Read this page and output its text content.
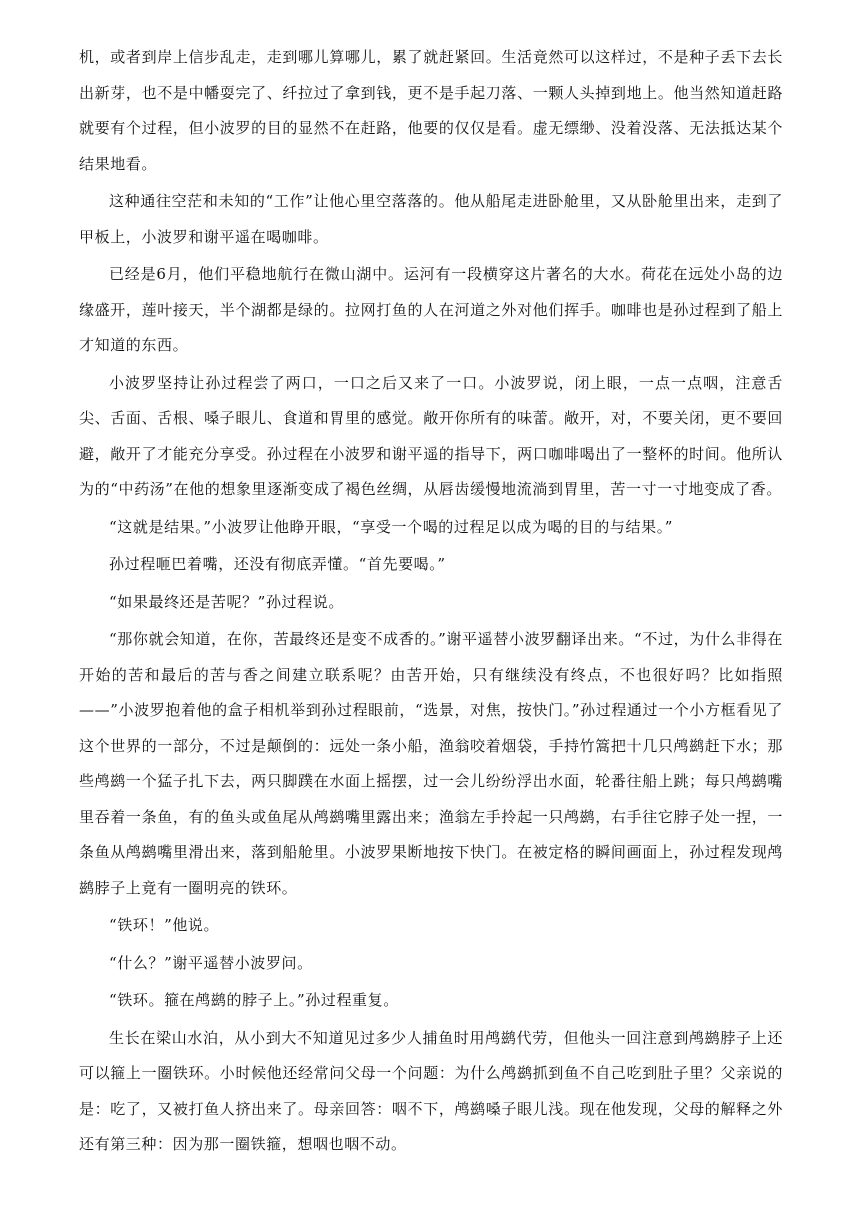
机，或者到岸上信步乱走，走到哪儿算哪儿，累了就赶紧回。生活竟然可以这样过，不是种子丢下去长出新芽，也不是中幡耍完了、纤拉过了拿到钱，更不是手起刀落、一颗人头掉到地上。他当然知道赶路就要有个过程，但小波罗的目的显然不在赶路，他要的仅仅是看。虚无缥缈、没着没落、无法抵达某个结果地看。

这种通往空茫和未知的“工作”让他心里空落落的。他从船尾走进卧舱里，又从卧舱里出来，走到了甲板上，小波罗和谢平遥在喝咖啡。

已经是6月，他们平稳地航行在微山湖中。运河有一段横穿这片著名的大水。荷花在远处小岛的边缘盛开，莲叶接天，半个湖都是绿的。拉网打鱼的人在河道之外对他们挥手。咖啡也是孙过程到了船上才知道的东西。

小波罗坚持让孙过程尝了两口，一口之后又来了一口。小波罗说，闭上眼，一点一点咽，注意舌尖、舌面、舌根、嗓子眼儿、食道和胃里的感觉。敞开你所有的味蕾。敞开，对，不要关闭，更不要回避，敞开了才能充分享受。孙过程在小波罗和谢平遥的指导下，两口咖啡喝出了一整杯的时间。他所认为的“中药汤”在他的想象里逐渐变成了褐色丝绸，从唇齿缓慢地流淌到胃里，苦一寸一寸地变成了香。

“这就是结果。”小波罗让他睁开眼，“享受一个喝的过程足以成为喝的目的与结果。”

孙过程咂巴着嘴，还没有彻底弄懂。“首先要喝。”

“如果最终还是苦呢？”孙过程说。

“那你就会知道，在你，苦最终还是变不成香的。”谢平遥替小波罗翻译出来。“不过，为什么非得在开始的苦和最后的苦与香之间建立联系呢？由苦开始，只有继续没有终点，不也很好吗？比如指照——”小波罗抱着他的盒子相机举到孙过程眼前，“选景，对焦，按快门。”孙过程通过一个小方框看见了这个世界的一部分，不过是颠倒的：远处一条小船，渔翁咬着烟袋，手持竹篙把十几只鸬鹚赶下水；那些鸬鹚一个猛子扎下去，两只脚蹼在水面上摇摆，过一会儿纷纷浮出水面，轮番往船上跳；每只鸬鹚嘴里吞着一条鱼，有的鱼头或鱼尾从鸬鹚嘴里露出来；渔翁左手拎起一只鸬鹚，右手往它脖子处一捏，一条鱼从鸬鹚嘴里滑出来，落到船舱里。小波罗果断地按下快门。在被定格的瞬间画面上，孙过程发现鸬鹚脖子上竟有一圈明亮的铁环。

“铁环！”他说。

“什么？”谢平遥替小波罗问。

“铁环。箍在鸬鹚的脖子上。”孙过程重复。

生长在梁山水泊，从小到大不知道见过多少人捕鱼时用鸬鹚代劳，但他头一回注意到鸬鹚脖子上还可以箍上一圈铁环。小时候他还经常问父母一个问题：为什么鸬鹚抓到鱼不自己吃到肚子里？父亲说的是：吃了，又被打鱼人挤出来了。母亲回答：咽不下，鸬鹚嗓子眼儿浅。现在他发现，父母的解释之外还有第三种：因为那一圈铁箍，想咽也咽不动。
